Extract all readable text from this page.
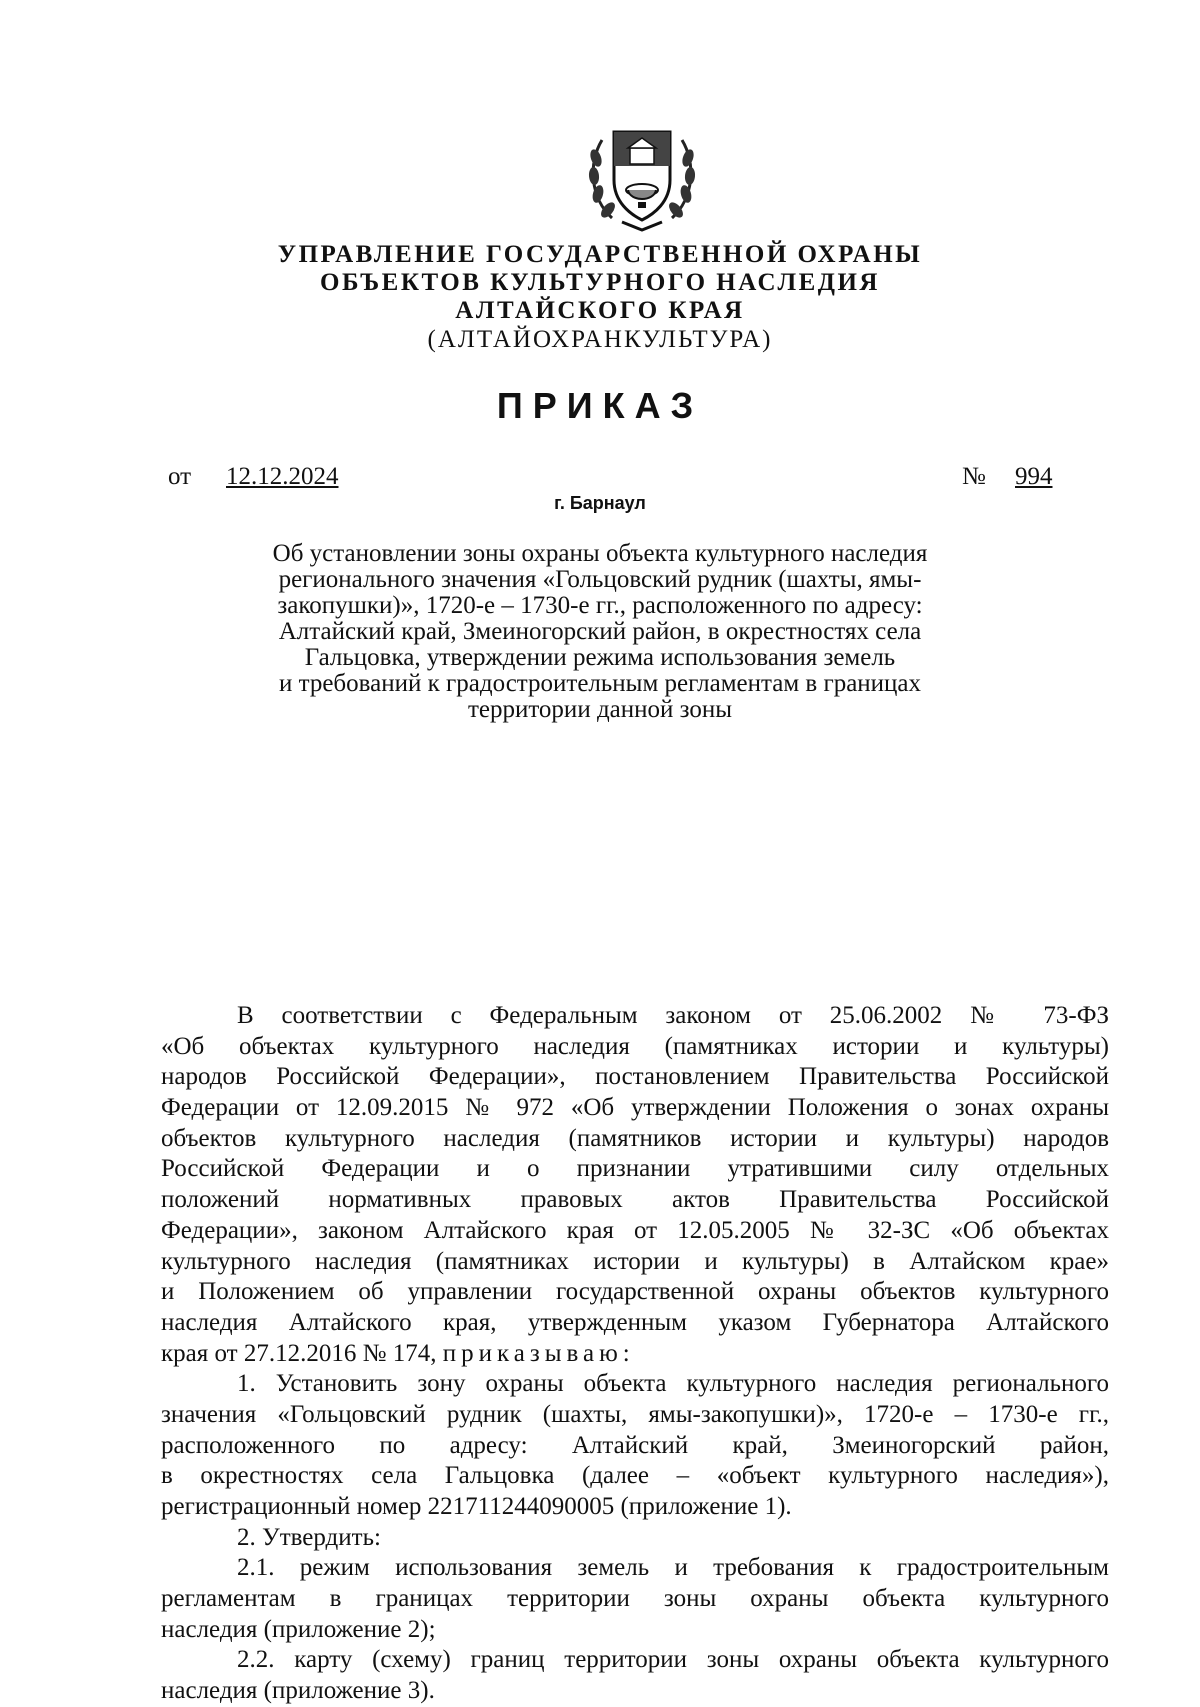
УПРАВЛЕНИЕ ГОСУДАРСТВЕННОЙ ОХРАНЫ
ОБЪЕКТОВ КУЛЬТУРНОГО НАСЛЕДИЯ
АЛТАЙСКОГО КРАЯ
(АЛТАЙОХРАНКУЛЬТУРА)
ПРИКАЗ
от 12.12.2024	№ 994
г. Барнаул
Об установлении зоны охраны объекта культурного наследия
регионального значения «Гольцовский рудник (шахты, ямы-
закопушки)», 1720-е – 1730-е гг., расположенного по адресу:
Алтайский край, Змеиногорский район, в окрестностях села
Гальцовка, утверждении режима использования земель
и требований к градостроительным регламентам в границах
территории данной зоны
В соответствии с Федеральным законом от 25.06.2002 № 73-ФЗ
«Об объектах культурного наследия (памятниках истории и культуры)
народов Российской Федерации», постановлением Правительства Российской
Федерации от 12.09.2015 № 972 «Об утверждении Положения о зонах охраны
объектов культурного наследия (памятников истории и культуры) народов
Российской Федерации и о признании утратившими силу отдельных
положений нормативных правовых актов Правительства Российской
Федерации», законом Алтайского края от 12.05.2005 № 32-ЗС «Об объектах
культурного наследия (памятниках истории и культуры) в Алтайском крае»
и Положением об управлении государственной охраны объектов культурного
наследия Алтайского края, утвержденным указом Губернатора Алтайского
края от 27.12.2016 № 174, приказываю:
1. Установить зону охраны объекта культурного наследия регионального
значения «Гольцовский рудник (шахты, ямы-закопушки)», 1720-е – 1730-е гг.,
расположенного по адресу: Алтайский край, Змеиногорский район,
в окрестностях села Гальцовка (далее – «объект культурного наследия»),
регистрационный номер 221711244090005 (приложение 1).
2. Утвердить:
2.1. режим использования земель и требования к градостроительным
регламентам в границах территории зоны охраны объекта культурного
наследия (приложение 2);
2.2. карту (схему) границ территории зоны охраны объекта культурного
наследия (приложение 3).
